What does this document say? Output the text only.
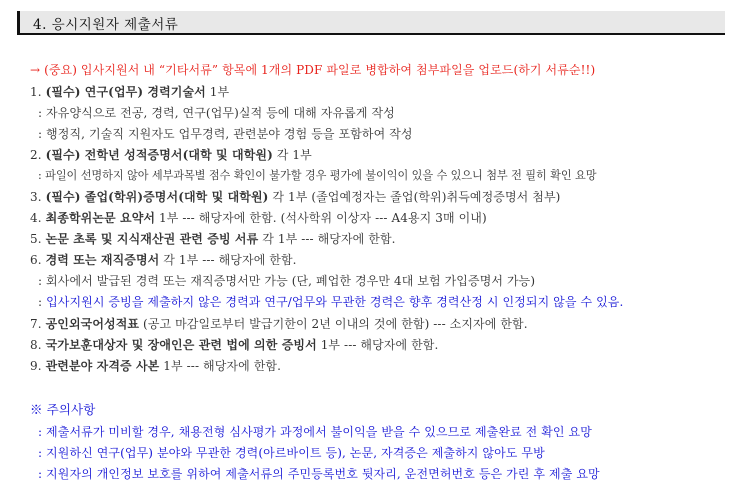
4. 응시지원자 제출서류
→ (중요) 입사지원서 내 “기타서류” 항목에 1개의 PDF 파일로 병합하여 첨부파일을 업로드(하기 서류순!!)
1. (필수) 연구(업무) 경력기술서 1부
: 자유양식으로 전공, 경력, 연구(업무)실적 등에 대해 자유롭게 작성
: 행정직, 기술직 지원자도 업무경력, 관련분야 경험 등을 포함하여 작성
2. (필수) 전학년 성적증명서(대학 및 대학원) 각 1부
: 파일이 선명하지 않아 세부과목별 점수 확인이 불가할 경우 평가에 불이익이 있을 수 있으니 첨부 전 필히 확인 요망
3. (필수) 졸업(학위)증명서(대학 및 대학원) 각 1부 (졸업예정자는 졸업(학위)취득예정증명서 첨부)
4. 최종학위논문 요약서 1부 --- 해당자에 한함. (석사학위 이상자 --- A4용지 3매 이내)
5. 논문 초록 및 지식재산권 관련 증빙 서류 각 1부 --- 해당자에 한함.
6. 경력 또는 재직증명서 각 1부 --- 해당자에 한함.
: 회사에서 발급된 경력 또는 재직증명서만 가능 (단, 폐업한 경우만 4대 보험 가입증명서 가능)
: 입사지원시 증빙을 제출하지 않은 경력과 연구/업무와 무관한 경력은 향후 경력산정 시 인정되지 않을 수 있음.
7. 공인외국어성적표 (공고 마감일로부터 발급기한이 2년 이내의 것에 한함) --- 소지자에 한함.
8. 국가보훈대상자 및 장애인은 관련 법에 의한 증빙서 1부 --- 해당자에 한함.
9. 관련분야 자격증 사본 1부 --- 해당자에 한함.
※ 주의사항
: 제출서류가 미비할 경우, 채용전형 심사평가 과정에서 불이익을 받을 수 있으므로 제출완료 전 확인 요망
: 지원하신 연구(업무) 분야와 무관한 경력(아르바이트 등), 논문, 자격증은 제출하지 않아도 무방
: 지원자의 개인정보 보호를 위하여 제출서류의 주민등록번호 뒷자리, 운전면허번호 등은 가린 후 제출 요망
